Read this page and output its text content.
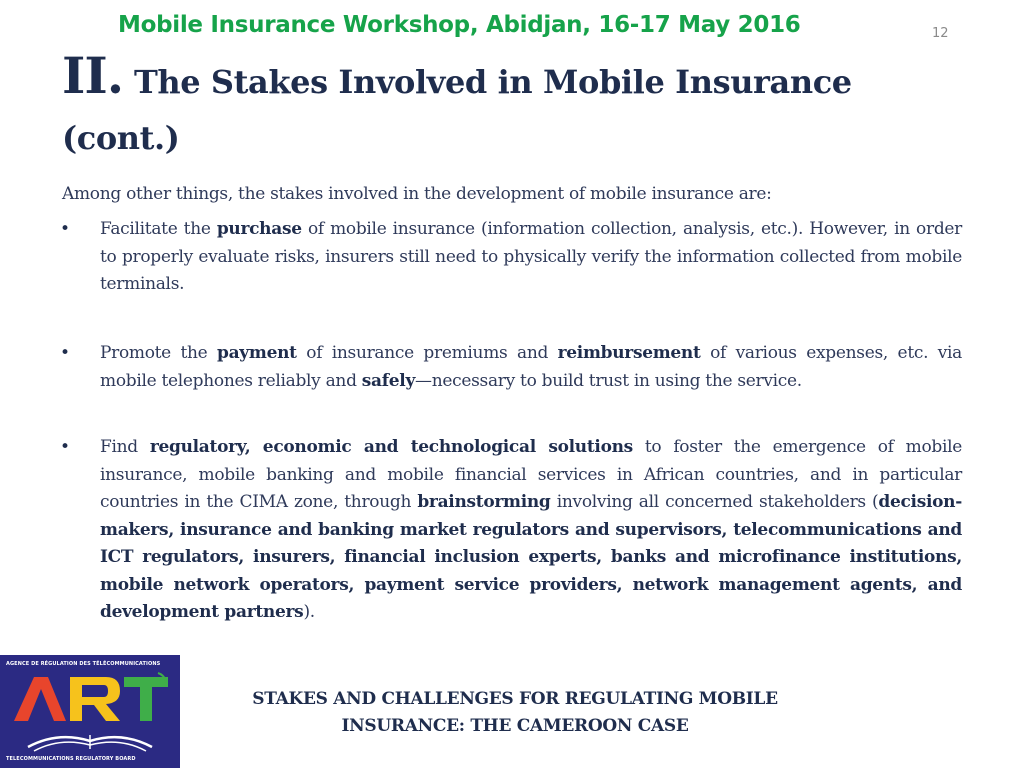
Mobile Insurance Workshop, Abidjan, 16-17 May 2016	12
II. The Stakes Involved in Mobile Insurance (cont.)
Among other things, the stakes involved in the development of mobile insurance are:
• Facilitate the purchase of mobile insurance (information collection, analysis, etc.). However, in order to properly evaluate risks, insurers still need to physically verify the information collected from mobile terminals.
• Promote the payment of insurance premiums and reimbursement of various expenses, etc. via mobile telephones reliably and safely—necessary to build trust in using the service.
• Find regulatory, economic and technological solutions to foster the emergence of mobile insurance, mobile banking and mobile financial services in African countries, and in particular countries in the CIMA zone, through brainstorming involving all concerned stakeholders (decision-makers, insurance and banking market regulators and supervisors, telecommunications and ICT regulators, insurers, financial inclusion experts, banks and microfinance institutions, mobile network operators, payment service providers, network management agents, and development partners).
AGENCE DE RÉGULATION DES TÉLÉCOMMUNICATIONS
TELECOMMUNICATIONS REGULATORY BOARD
STAKES AND CHALLENGES FOR REGULATING MOBILE
INSURANCE: THE CAMEROON CASE
